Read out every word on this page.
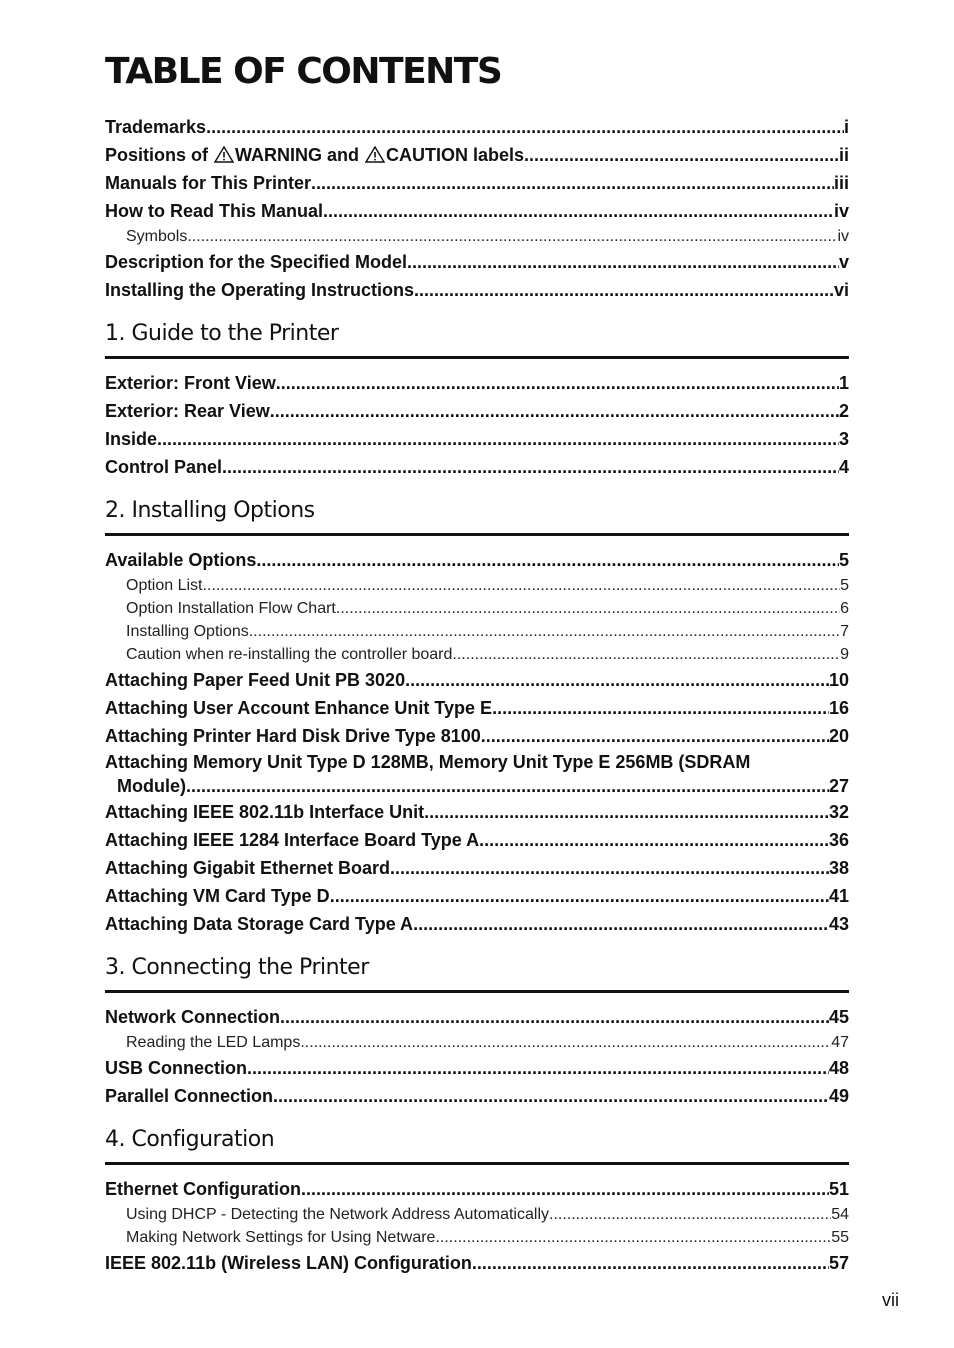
TABLE OF CONTENTS
Trademarks .....	i
Positions of WARNING and CAUTION labels .....	ii
Manuals for This Printer .....	iii
How to Read This Manual .....	iv
Symbols .....	iv
Description for the Specified Model .....	v
Installing the Operating Instructions .....	vi
1. Guide to the Printer
Exterior: Front View .....	1
Exterior: Rear View .....	2
Inside .....	3
Control Panel .....	4
2. Installing Options
Available Options .....	5
Option List .....	5
Option Installation Flow Chart .....	6
Installing Options .....	7
Caution when re-installing the controller board .....	9
Attaching Paper Feed Unit PB 3020 .....	10
Attaching User Account Enhance Unit Type E .....	16
Attaching Printer Hard Disk Drive Type 8100 .....	20
Attaching Memory Unit Type D 128MB, Memory Unit Type E 256MB (SDRAM
Module) .....	27
Attaching IEEE 802.11b Interface Unit .....	32
Attaching IEEE 1284 Interface Board Type A .....	36
Attaching Gigabit Ethernet Board .....	38
Attaching VM Card Type D .....	41
Attaching Data Storage Card Type A .....	43
3. Connecting the Printer
Network Connection .....	45
Reading the LED Lamps .....	47
USB Connection .....	48
Parallel Connection .....	49
4. Configuration
Ethernet Configuration .....	51
Using DHCP - Detecting the Network Address Automatically .....	54
Making Network Settings for Using Netware .....	55
IEEE 802.11b (Wireless LAN) Configuration .....	57
vii
